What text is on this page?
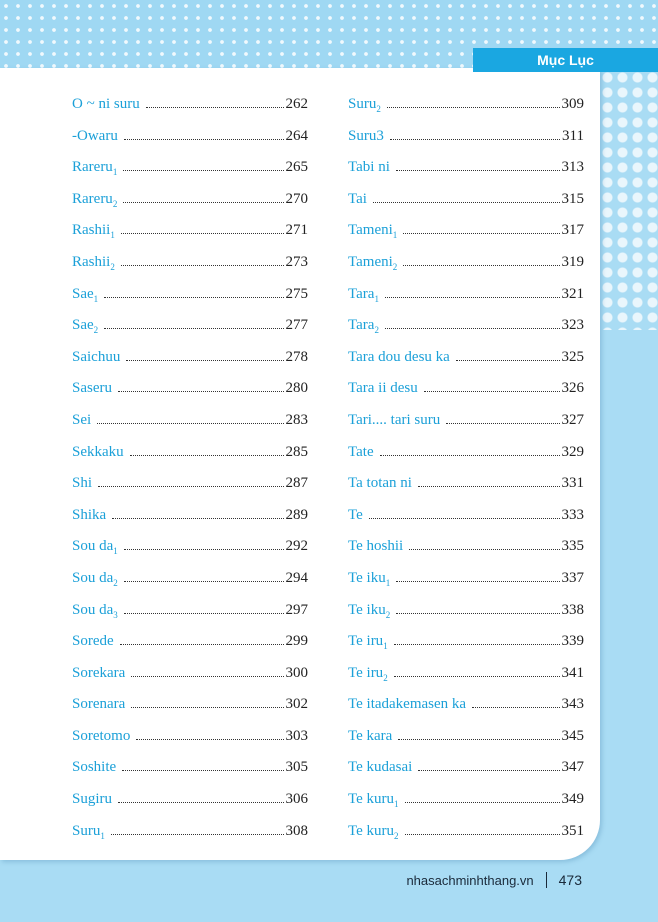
Mục Lục
O ~ ni suru	262
-Owaru	264
Rareru$_1$	265
Rareru$_2$	270
Rashii$_1$	271
Rashii$_2$	273
Sae$_1$	275
Sae$_2$	277
Saichuu	278
Saseru	280
Sei	283
Sekkaku	285
Shi	287
Shika	289
Sou $da_1$	292
Sou $da_2$	294
Sou $da_3$	297
Sorede	299
Sorekara	300
Sorenara	302
Soretomo	303
Soshite	305
Sugiru	306
Suru$_1$	308
Suru$_2$	309
Suru3	311
Tabi ni	313
Tai	315
Tameni$_1$	317
Tameni$_2$	319
Tara$_1$	321
Tara$_2$	323
Tara dou desu ka	325
Tara ii desu	326
Tari.... tari suru	327
Tate	329
Ta totan ni	331
Te	333
Te hoshii	335
Te iku$_1$	337
Te iku$_2$	338
Te iru$_1$	339
Te iru$_2$	341
Te itadakemasen ka	343
Te kara	345
Te kudasai	347
Te kuru$_1$	349
Te kuru$_2$	351
nhasachminhthang.vn 473
